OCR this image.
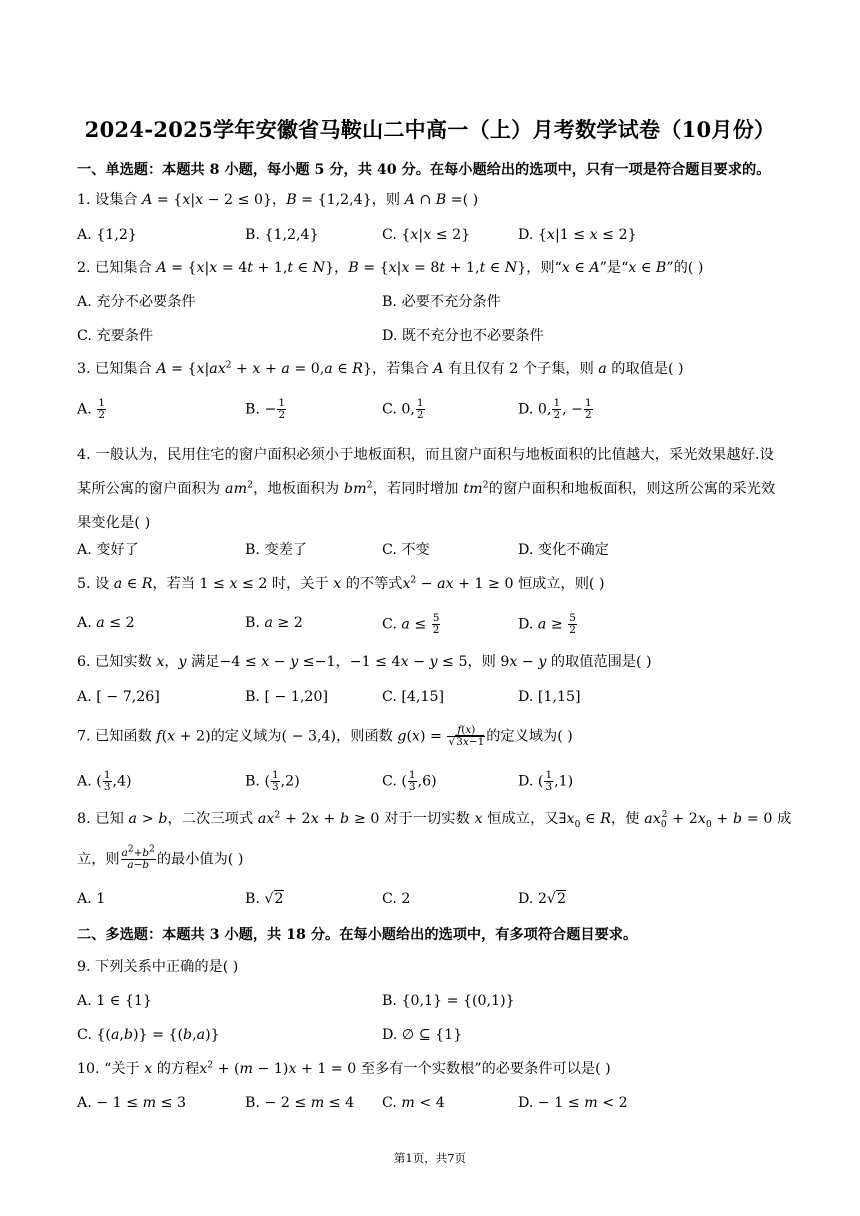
2024-2025学年安徽省马鞍山二中高一（上）月考数学试卷（10月份）
一、单选题：本题共 8 小题，每小题 5 分，共 40 分。在每小题给出的选项中，只有一项是符合题目要求的。
1. 设集合 A = {x|x − 2 ≤ 0}，B = {1,2,4}，则 A ∩ B =( )
A. {1,2}	B. {1,2,4}	C. {x|x ≤ 2}	D. {x|1 ≤ x ≤ 2}
2. 已知集合 A = {x|x = 4t + 1,t ∈ N}，B = {x|x = 8t + 1,t ∈ N}，则“x ∈ A”是“x ∈ B”的( )
A. 充分不必要条件	B. 必要不充分条件
C. 充要条件	D. 既不充分也不必要条件
3. 已知集合 $A = \{x|ax^2 + x + a = 0,a$ ∈ R}，若集合 A 有且仅有 2 个子集，则 a 的取值是( )
A. $\frac{1}{2}$	B. − $\frac{1}{2}$	C. 0, $\frac{1}{2}$	D. 0, $\frac{1}{2}$ , − $\frac{1}{2}$
4. 一般认为，民用住宅的窗户面积必须小于地板面积，而且窗户面积与地板面积的比值越大，采光效果越好.设某所公寓的窗户面积为 $am^2$，地板面积为 $bm^2$，若同时增加 $tm^2$的窗户面积和地板面积，则这所公寓的采光效果变化是( )
A. 变好了	B. 变差了	C. 不变	D. 变化不确定
5. 设 a ∈ R，若当 1 ≤ x ≤ 2 时，关于 x 的不等式$x^2$ − ax + 1 ≥ 0 恒成立，则( )
A. a ≤ 2	B. a ≥ 2	C. $a \le \frac{5}{2}$	D. $a \ge \frac{5}{2}$
6. 已知实数 x，y 满足−4 ≤ x − y ≤−1，−1 ≤ 4x − y ≤ 5，则 9x − y 的取值范围是( )
A. [ − 7,26]	B. [ − 1,20]	C. [4,15]	D. [1,15]
7. 已知函数 f(x + 2)的定义域为( − 3,4)，则函数 $g(x) = \frac{f(x)}{√3x-1}$ 的定义域为( )
A. ( $\frac{1}{3} ,4$)	B. ( $\frac{1}{3} ,2$)	C. ( $\frac{1}{3} ,6$)	D. ( $\frac{1}{3} ,1$)
8. 已知 a > b，二次三项式 $ax^2 + 2x + b \ge 0$ 对于一切实数 x 恒成立，又$\exists x_0$ ∈ R，使 $ax_0^2 + 2x_0 + b = 0$ 成
立，则 $\frac{a^2+b^2}{a-b}$ 的最小值为( )
A. 1	B. √2	C. 2	D. 2√2
二、多选题：本题共 3 小题，共 18 分。在每小题给出的选项中，有多项符合题目要求。
9. 下列关系中正确的是( )
A. 1 ∈ {1}	B. {0,1} = {(0,1)}
C. {(a,b)} = {(b,a)}	D. ∅ ⊆ {1}
10. “关于 x 的方程$x^2 + (m - 1)x + 1 = 0$ 至多有一个实数根”的必要条件可以是( )
A. − 1 ≤ m ≤ 3	B. − 2 ≤ m ≤ 4 C. m < 4	D. − 1 ≤ m < 2
第1页，共7页
